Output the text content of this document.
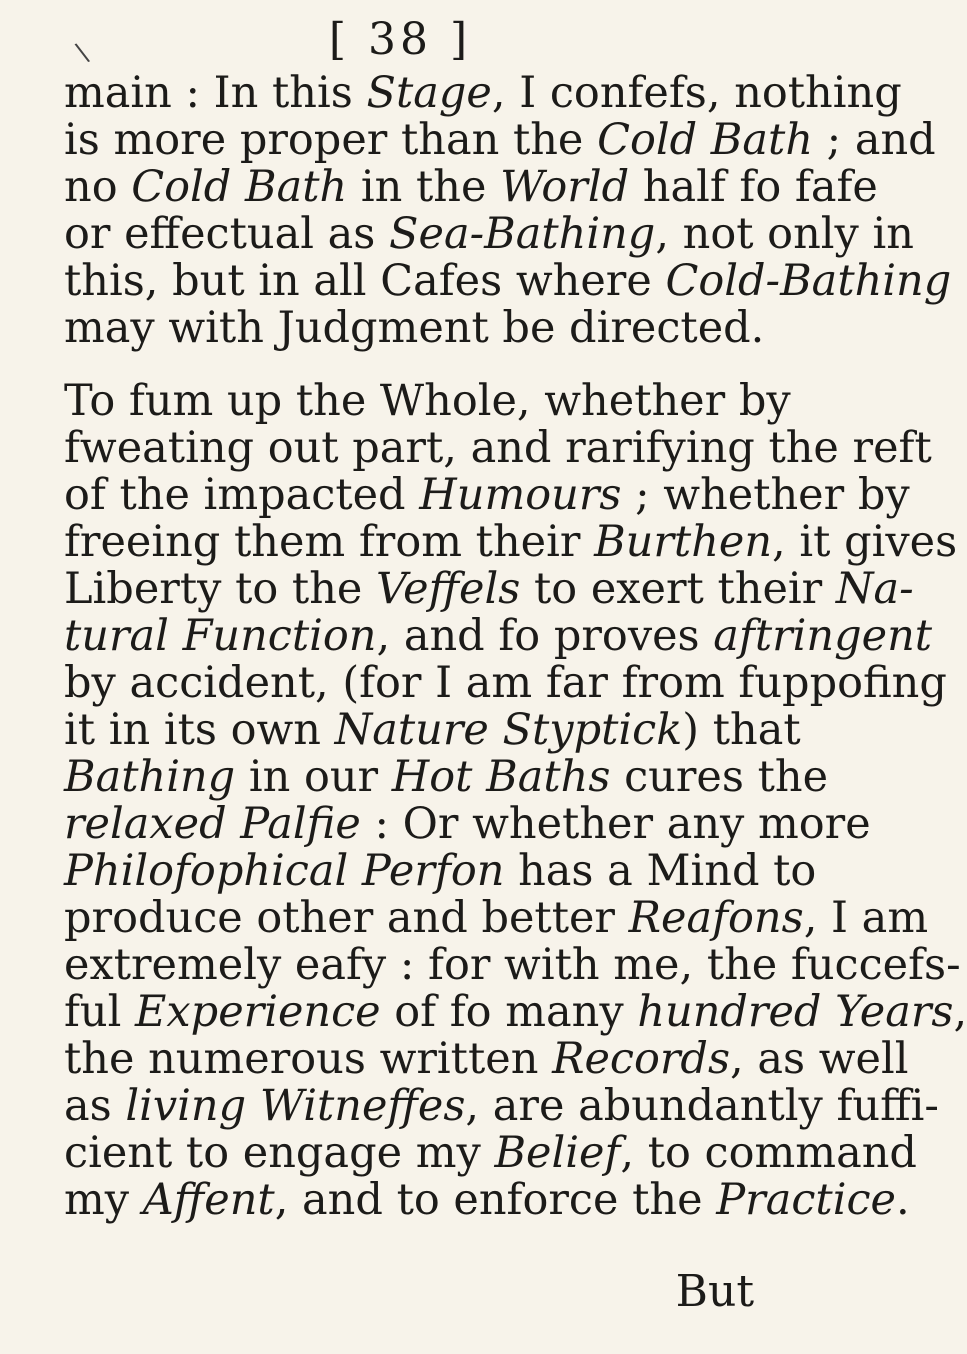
\	[ 38 ]
main : In this Stage, I confefs, nothing
is more proper than the Cold Bath ; and
no Cold Bath in the World half fo fafe
or effectual as Sea-Bathing, not only in
this, but in all Cafes where Cold-Bathing
may with Judgment be directed.
To fum up the Whole, whether by
fweating out part, and rarifying the reft
of the impacted Humours ; whether by
freeing them from their Burthen, it gives
Liberty to the Veffels to exert their Na-
tural Function, and fo proves aftringent
by accident, (for I am far from fuppofing
it in its own Nature Styptick) that
Bathing in our Hot Baths cures the
relaxed Palfie : Or whether any more
Philofophical Perfon has a Mind to
produce other and better Reafons, I am
extremely eafy : for with me, the fuccefs-
ful Experience of fo many hundred Years,
the numerous written Records, as well
as living Witneffes, are abundantly fuffi-
cient to engage my Belief, to command
my Affent, and to enforce the Practice.
But
